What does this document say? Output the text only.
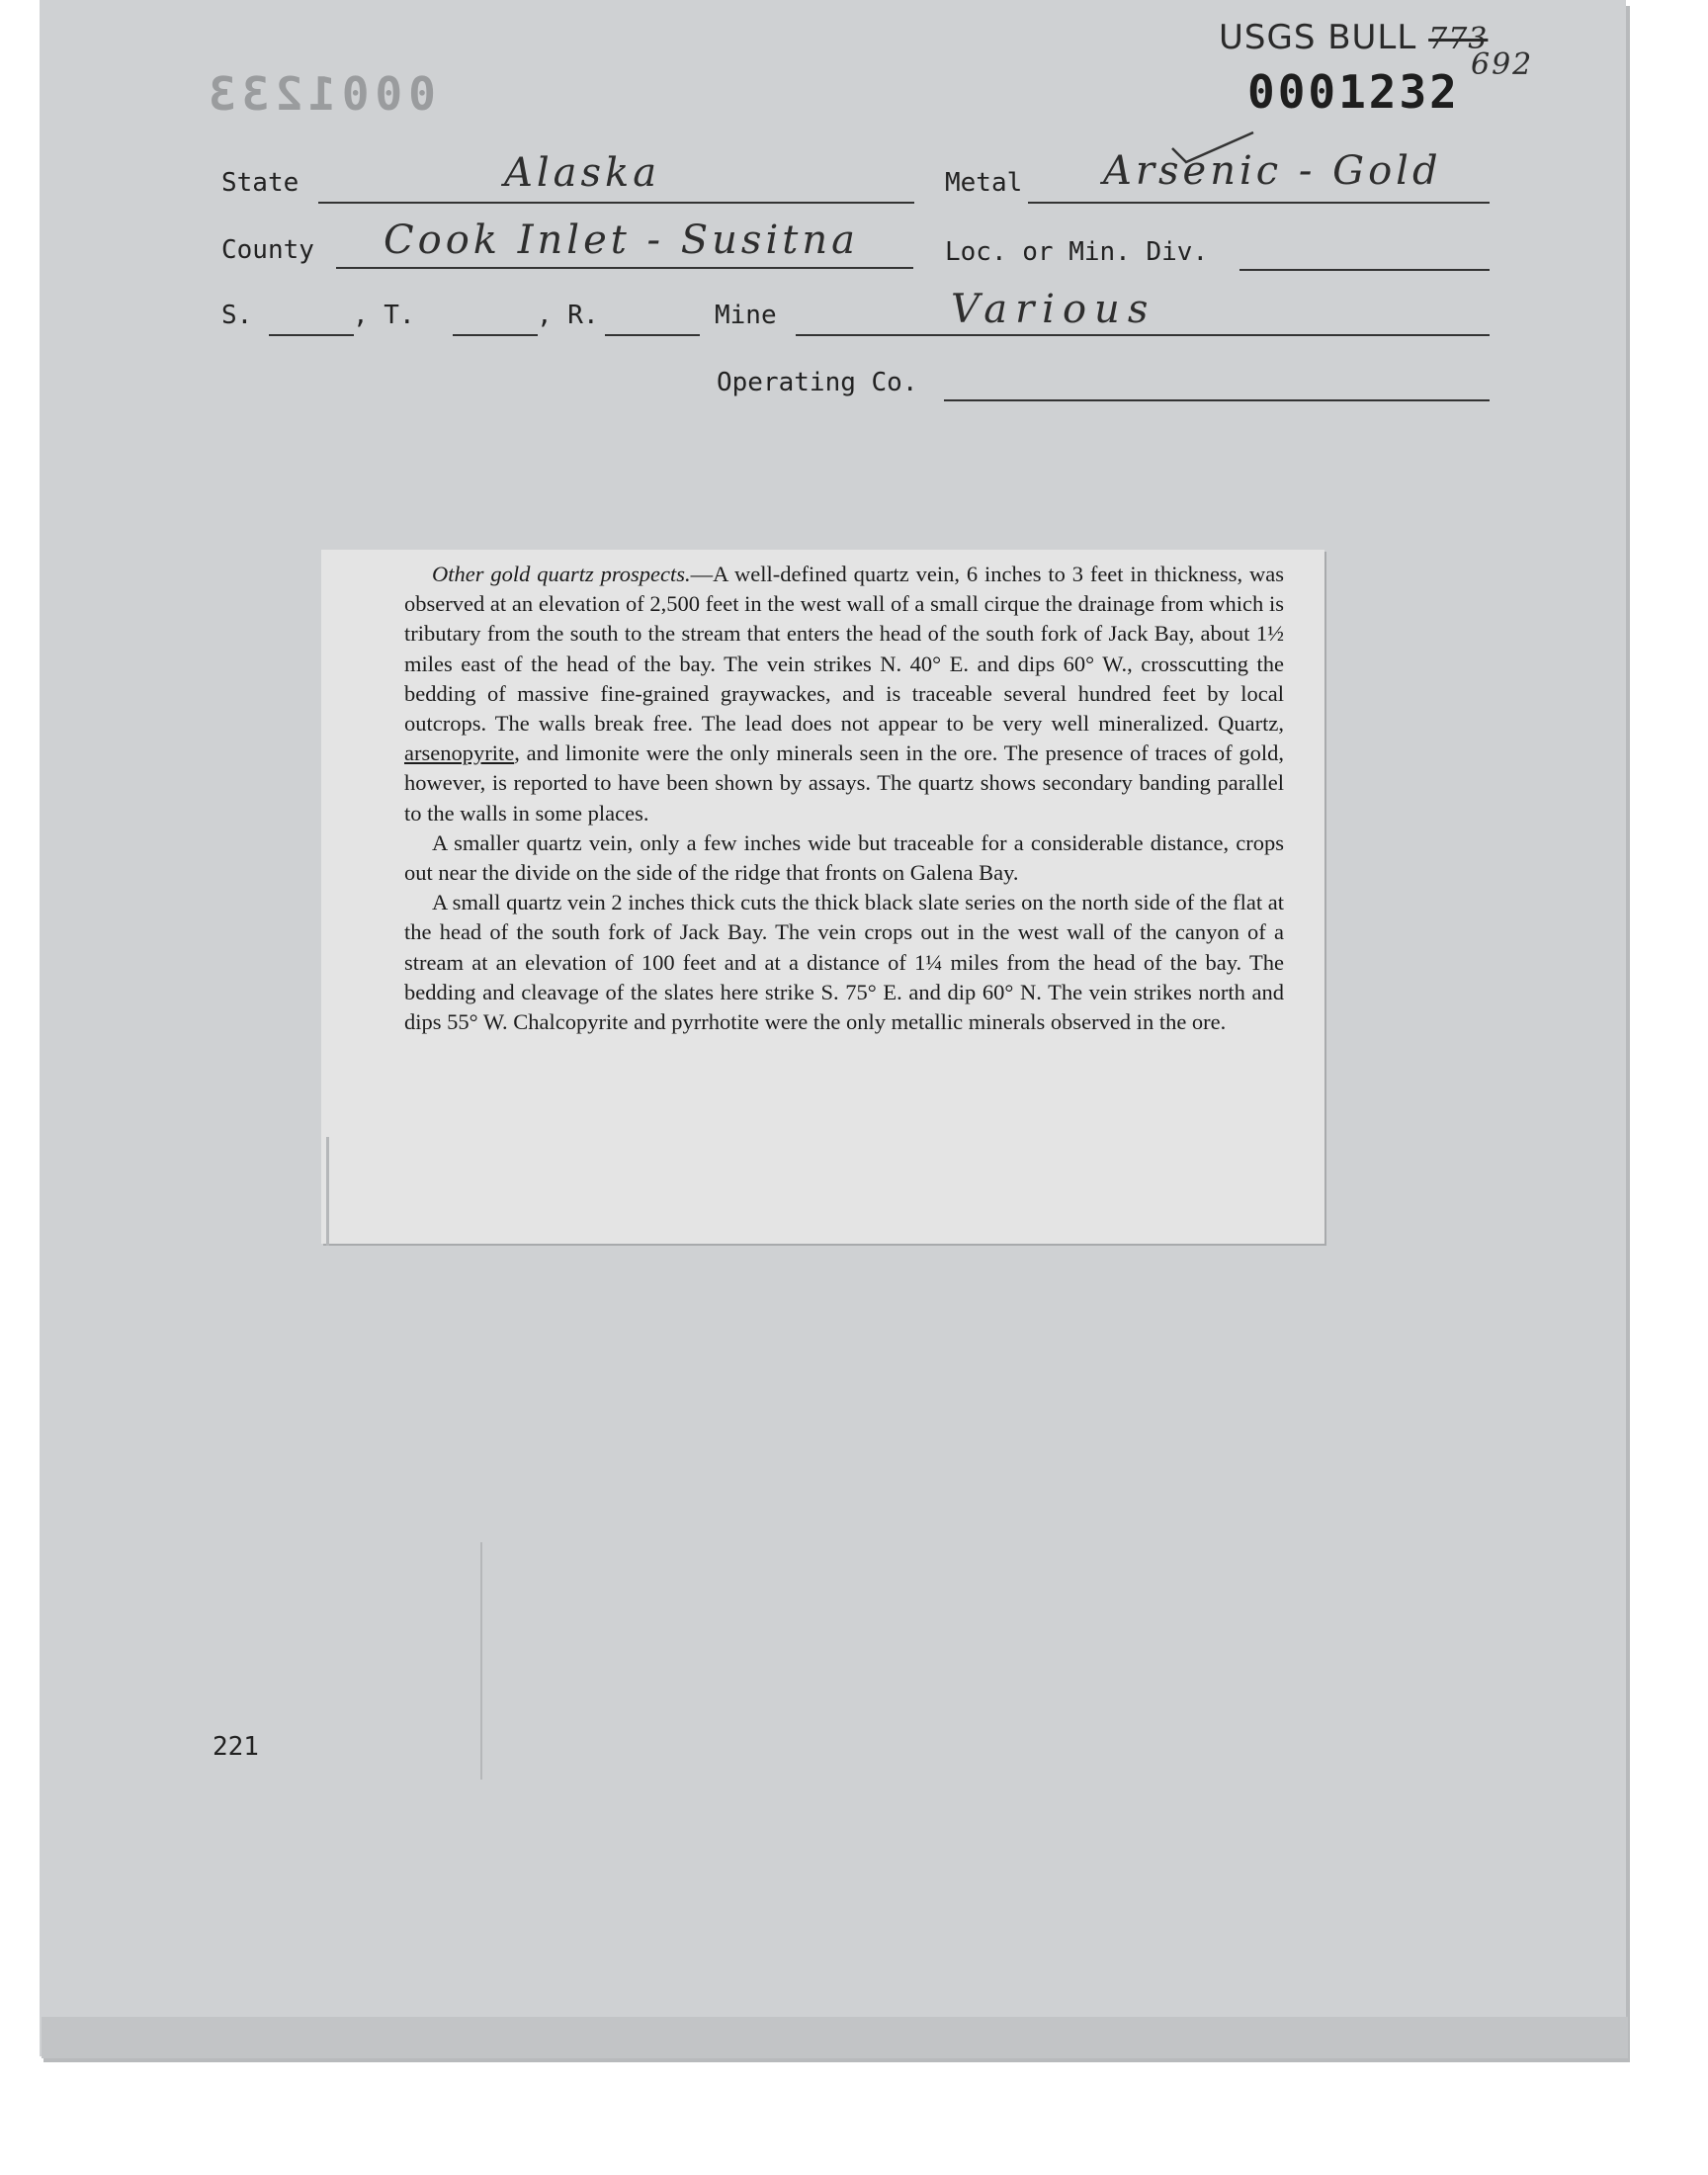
USGS BULL 773
692
0001232
0001233
State	Alaska	Metal Arsenic - Gold
County Cook Inlet - Susitna	Loc. or Min. Div.
S.	, T.	, R.	Mine	Various
Operating Co.

Other gold quartz prospects.—A well-defined quartz vein, 6 inches to 3 feet in thickness, was observed at an elevation of 2,500 feet in the west wall of a small cirque the drainage from which is tributary from the south to the stream that enters the head of the south fork of Jack Bay, about 1½ miles east of the head of the bay. The vein strikes N. 40° E. and dips 60° W., crosscutting the bedding of massive fine-grained graywackes, and is traceable several hundred feet by local outcrops. The walls break free. The lead does not appear to be very well mineralized. Quartz, arsenopyrite, and limonite were the only minerals seen in the ore. The presence of traces of gold, however, is reported to have been shown by assays. The quartz shows secondary banding parallel to the walls in some places.

A smaller quartz vein, only a few inches wide but traceable for a considerable distance, crops out near the divide on the side of the ridge that fronts on Galena Bay.

A small quartz vein 2 inches thick cuts the thick black slate series on the north side of the flat at the head of the south fork of Jack Bay. The vein crops out in the west wall of the canyon of a stream at an elevation of 100 feet and at a distance of 1¼ miles from the head of the bay. The bedding and cleavage of the slates here strike S. 75° E. and dip 60° N. The vein strikes north and dips 55° W. Chalcopyrite and pyrrhotite were the only metallic minerals observed in the ore.

221
